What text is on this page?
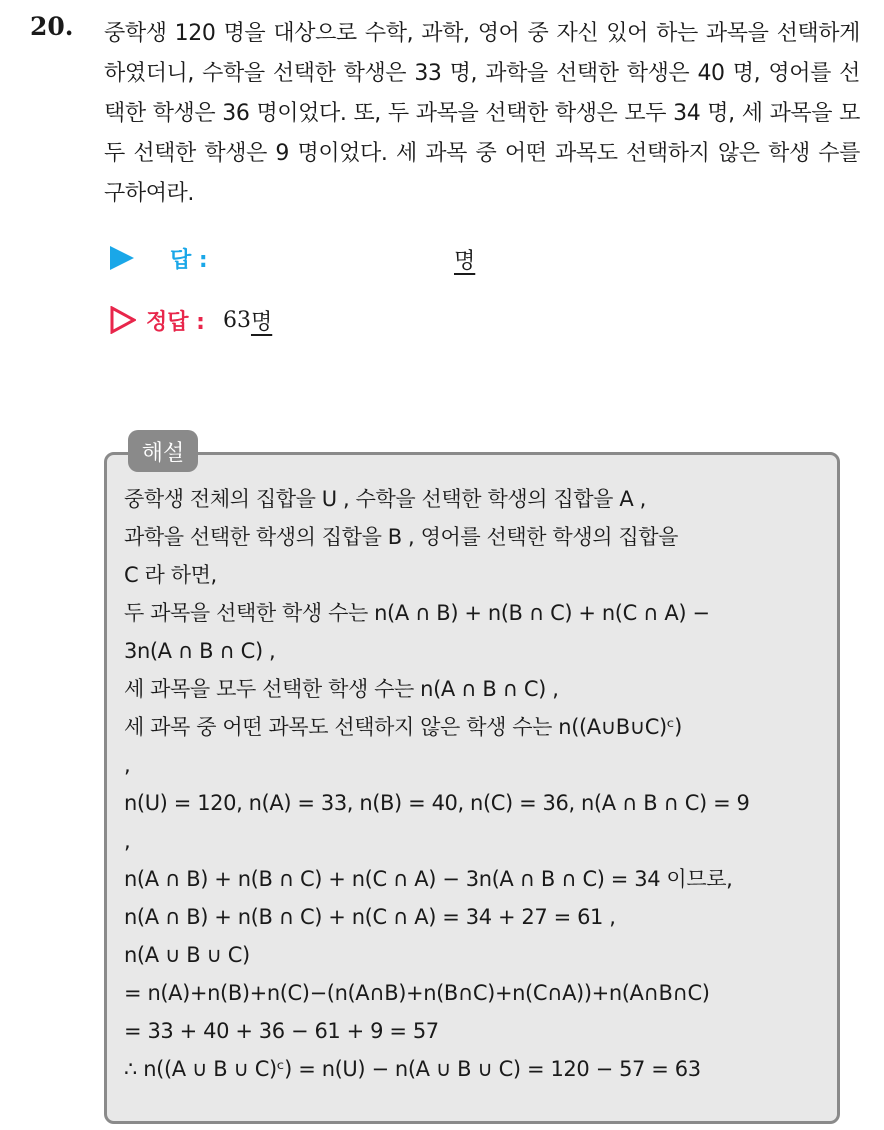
20. 중학생 120 명을 대상으로 수학, 과학, 영어 중 자신 있어 하는 과목을 선택하게 하였더니, 수학을 선택한 학생은 33 명, 과학을 선택한 학생은 40 명, 영어를 선택한 학생은 36 명이었다. 또, 두 과목을 선택한 학생은 모두 34 명, 세 과목을 모두 선택한 학생은 9 명이었다. 세 과목 중 어떤 과목도 선택하지 않은 학생 수를 구하여라.
답 :	명
정답 : 63 명
해설
중학생 전체의 집합을 U , 수학을 선택한 학생의 집합을 A ,
과학을 선택한 학생의 집합을 B , 영어를 선택한 학생의 집합을
C 라 하면,
두 과목을 선택한 학생 수는 n(A ∩ B) + n(B ∩ C) + n(C ∩ A) −
3n(A ∩ B ∩ C) ,
세 과목을 모두 선택한 학생 수는 n(A ∩ B ∩ C) ,
세 과목 중 어떤 과목도 선택하지 않은 학생 수는 n((A∪B∪C)ᶜ)
,
n(U) = 120, n(A) = 33, n(B) = 40, n(C) = 36, n(A ∩ B ∩ C) = 9
,
n(A ∩ B) + n(B ∩ C) + n(C ∩ A) − 3n(A ∩ B ∩ C) = 34 이므로,
n(A ∩ B) + n(B ∩ C) + n(C ∩ A) = 34 + 27 = 61 ,
n(A ∪ B ∪ C)
= n(A)+n(B)+n(C)−(n(A∩B)+n(B∩C)+n(C∩A))+n(A∩B∩C)
= 33 + 40 + 36 − 61 + 9 = 57
∴ n((A ∪ B ∪ C)ᶜ) = n(U) − n(A ∪ B ∪ C) = 120 − 57 = 63
